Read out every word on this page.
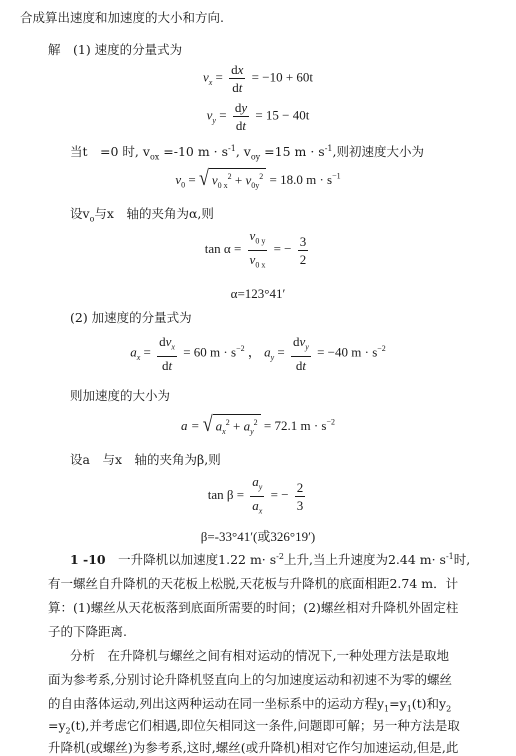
合成算出速度和加速度的大小和方向.
解　(1) 速度的分量式为
$v_x = \frac{dx}{dt} = -10 + 60t$
$v_y = \frac{dy}{dt} = 15 - 40t$
当t　=0 时, $v_{ox} =-10$ $m \cdot s^{-1}$, $v_{oy} =15$ $m \cdot s^{-1}$,则初速度大小为
$v_0$ = √ $v_{0 x}^2 + v_{0y}^2 = 18.0$ $m \cdot s^{-1}$
设$v_o$与x　轴的夹角为α,则
$\tan \alpha = \frac{v_{0 y}}{v_{0 x}}$ = − $\frac{3}{2}$
α=123°41′
(2) 加速度的分量式为
$a_x = \frac{dv_x}{dt} = 60$ $m \cdot s^{-2}$ ， $a_y = \frac{dv_y}{dt} = -40$ $m \cdot s^{-2}$
则加速度的大小为
a = √ $a_x^2 + a_y^2 = 72.1$ $m \cdot s^{-2}$
设a　与x　轴的夹角为β,则
$\tan \beta = \frac{a_y}{a_x}$ = − $\frac{2}{3}$
β=-33°41′(或326°19′)
1 -10　一升降机以加速度1.22 $m\cdot s^{-2}$上升,当上升速度为2.44 $m\cdot s^{-1}$时,
有一螺丝自升降机的天花板上松脱,天花板与升降机的底面相距2.74 m．计
算：(1)螺丝从天花板落到底面所需要的时间；(2)螺丝相对升降机外固定柱
子的下降距离.
分析　在升降机与螺丝之间有相对运动的情况下,一种处理方法是取地
面为参考系,分别讨论升降机竖直向上的匀加速度运动和初速不为零的螺丝
的自由落体运动,列出这两种运动在同一坐标系中的运动方程$y_1=y_1(t)$和$y_2$
$=y_2(t)$,并考虑它们相遇,即位矢相同这一条件,问题即可解；另一种方法是取
升降机(或螺丝)为参考系,这时,螺丝(或升降机)相对它作匀加速运动,但是,此
